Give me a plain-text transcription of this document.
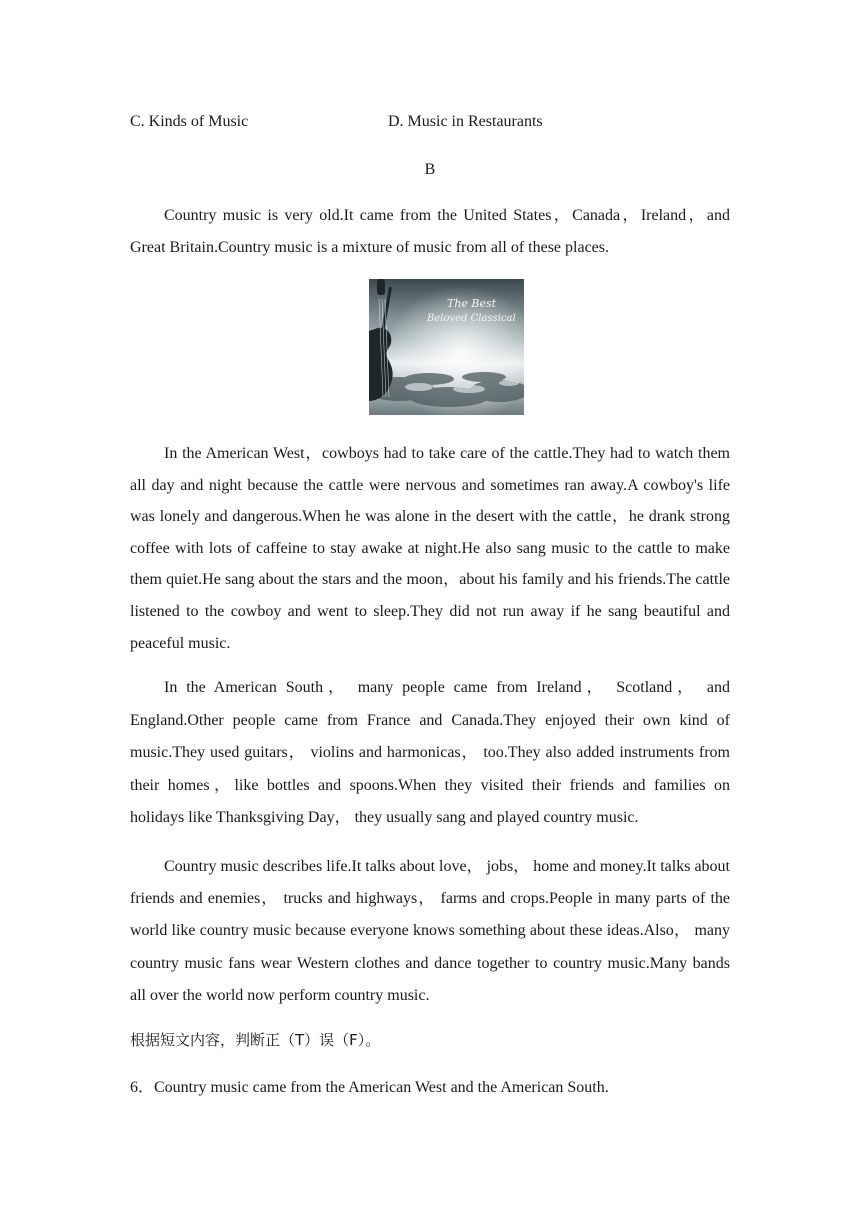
C. Kinds of Music	D. Music in Restaurants
B

Country music is very old.It came from the United States，Canada，Ireland，and Great Britain.Country music is a mixture of music from all of these places.

In the American West，cowboys had to take care of the cattle.They had to watch them all day and night because the cattle were nervous and sometimes ran away.A cowboy's life was lonely and dangerous.When he was alone in the desert with the cattle，he drank strong coffee with lots of caffeine to stay awake at night.He also sang music to the cattle to make them quiet.He sang about the stars and the moon，about his family and his friends.The cattle listened to the cowboy and went to sleep.They did not run away if he sang beautiful and peaceful music.

In the American South， many people came from Ireland， Scotland， and England.Other people came from France and Canada.They enjoyed their own kind of music.They used guitars， violins and harmonicas， too.They also added instruments from their homes，like bottles and spoons.When they visited their friends and families on holidays like Thanksgiving Day， they usually sang and played country music.

Country music describes life.It talks about love， jobs， home and money.It talks about friends and enemies， trucks and highways， farms and crops.People in many parts of the world like country music because everyone knows something about these ideas.Also， many country music fans wear Western clothes and dance together to country music.Many bands all over the world now perform country music.

根据短文内容，判断正（T）误（F）。
6．Country music came from the American West and the American South.
The Best
Beloved Classical
